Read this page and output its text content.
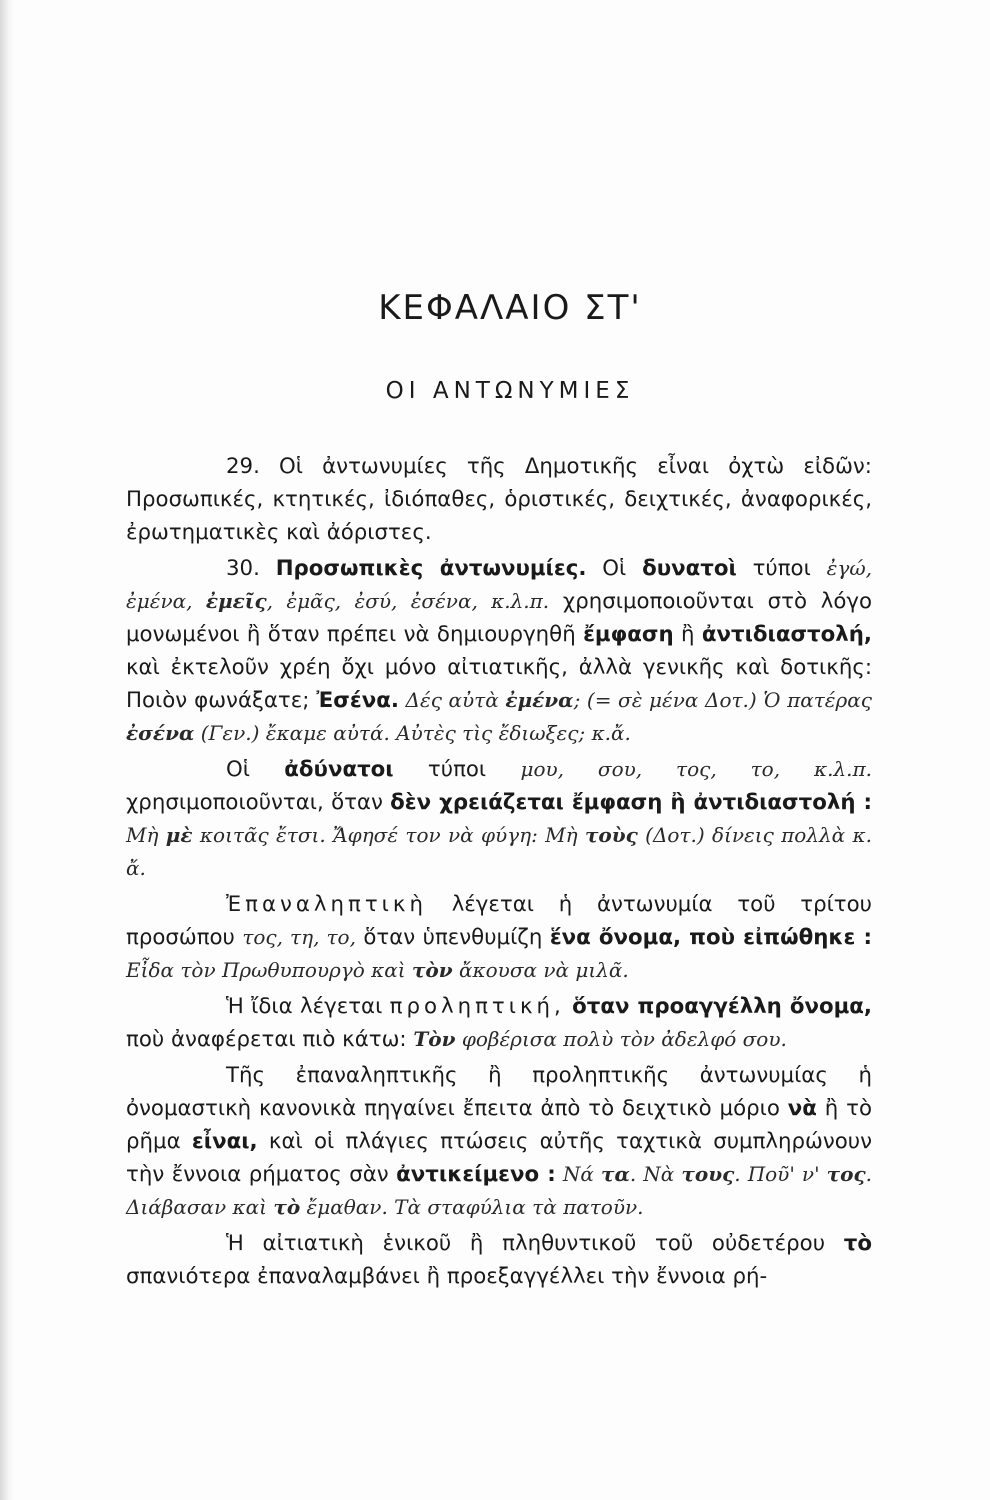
ΚΕΦΑΛΑΙΟ ΣΤ'
ΟΙ ΑΝΤΩΝΥΜΙΕΣ

29. Οἱ ἀντωνυμίες τῆς Δημοτικῆς εἶναι ὀχτὼ εἰδῶν: Προσωπικές, κτητικές, ἰδιόπαθες, ὁριστικές, δειχτικές, ἀναφορικές, ἐρωτηματικὲς καὶ ἀόριστες.

30. Προσωπικὲς ἀντωνυμίες. Οἱ δυνατοὶ τύποι ἐγώ, ἐμένα, ἐμεῖς, ἐμᾶς, ἐσύ, ἐσένα, κ.λ.π. χρησιμοποιοῦνται στὸ λόγο μονωμένοι ἢ ὅταν πρέπει νὰ δημιουργηθῆ ἔμφαση ἢ ἀντιδιαστολή, καὶ ἐκτελοῦν χρέη ὄχι μόνο αἰτιατικῆς, ἀλλὰ γενικῆς καὶ δοτικῆς: Ποιὸν φωνάξατε; Ἐσένα. Δές αὐτὰ ἐμένα; (= σὲ μένα Δοτ.) Ὁ πατέρας ἐσένα (Γεν.) ἔκαμε αὐτά. Αὐτὲς τὶς ἔδιωξες; κ.ἄ.

Οἱ ἀδύνατοι τύποι μου, σου, τος, το, κ.λ.π. χρησιμοποιοῦνται, ὅταν δὲν χρειάζεται ἔμφαση ἢ ἀντιδιαστολή : Μὴ μὲ κοιτᾶς ἔτσι. Ἄφησέ τον νὰ φύγη: Μὴ τοὺς (Δοτ.) δίνεις πολλὰ κ. ἄ.

Ἐπαναληπτικὴ λέγεται ἡ ἀντωνυμία τοῦ τρίτου προσώπου τος, τη, το, ὅταν ὑπενθυμίζη ἕνα ὄνομα, ποὺ εἰπώθηκε : Εἶδα τὸν Πρωθυπουργὸ καὶ τὸν ἄκουσα νὰ μιλᾶ.

Ἡ ἴδια λέγεται προληπτική, ὅταν προαγγέλλη ὄνομα, ποὺ ἀναφέρεται πιὸ κάτω: Τὸν φοβέρισα πολὺ τὸν ἀδελφό σου.

Τῆς ἐπαναληπτικῆς ἢ προληπτικῆς ἀντωνυμίας ἡ ὀνομαστικὴ κανονικὰ πηγαίνει ἔπειτα ἀπὸ τὸ δειχτικὸ μόριο νὰ ἢ τὸ ρῆμα εἶναι, καὶ οἱ πλάγιες πτώσεις αὐτῆς ταχτικὰ συμπληρώνουν τὴν ἔννοια ρήματος σὰν ἀντικείμενο : Νά τα. Νὰ τους. Ποῦ' ν' τος. Διάβασαν καὶ τὸ ἔμαθαν. Τὰ σταφύλια τὰ πατοῦν.

Ἡ αἰτιατικὴ ἑνικοῦ ἢ πληθυντικοῦ τοῦ οὐδετέρου τὸ σπανιότερα ἐπαναλαμβάνει ἢ προεξαγγέλλει τὴν ἔννοια ρή-
